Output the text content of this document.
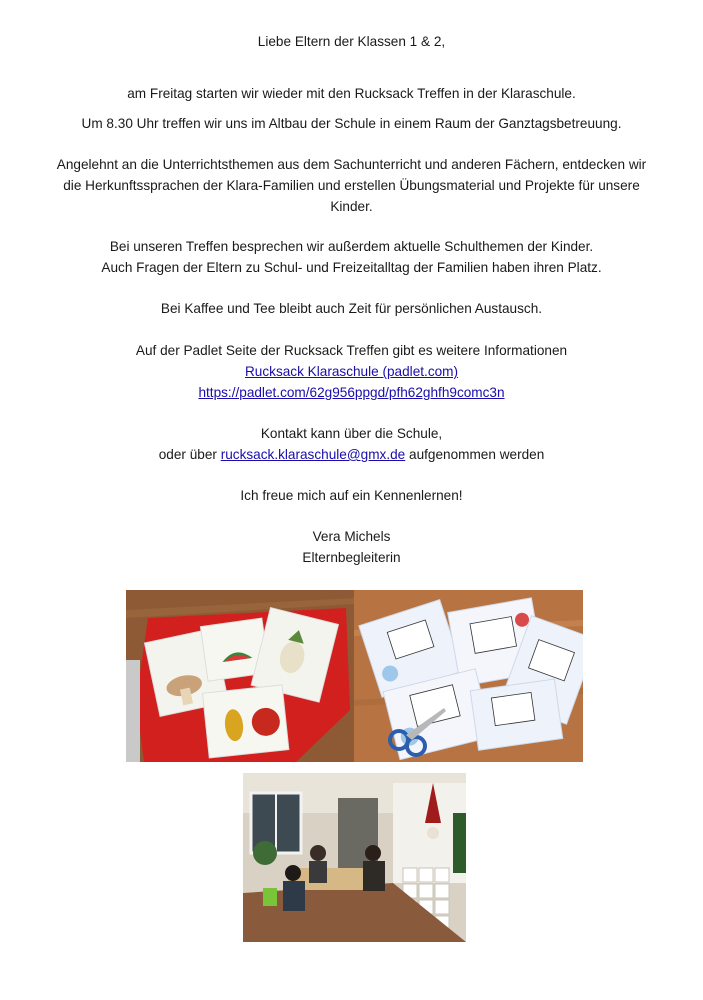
Liebe Eltern der Klassen 1 & 2,
am Freitag starten wir wieder mit den Rucksack Treffen in der Klaraschule.
Um 8.30 Uhr treffen wir uns im Altbau der Schule in einem Raum der Ganztagsbetreuung.
Angelehnt an die Unterrichtsthemen aus dem Sachunterricht und anderen Fächern, entdecken wir
die Herkunftssprachen der Klara-Familien und erstellen Übungsmaterial und Projekte für unsere
Kinder.
Bei unseren Treffen besprechen wir außerdem aktuelle Schulthemen der Kinder.
Auch Fragen der Eltern zu Schul- und Freizeitalltag der Familien haben ihren Platz.
Bei Kaffee und Tee bleibt auch Zeit für persönlichen Austausch.
Auf der Padlet Seite der Rucksack Treffen gibt es weitere Informationen
Rucksack Klaraschule (padlet.com)
https://padlet.com/62g956ppgd/pfh62ghfh9comc3n
Kontakt kann über die Schule,
oder über rucksack.klaraschule@gmx.de aufgenommen werden
Ich freue mich auf ein Kennenlernen!
Vera Michels
Elternbegleiterin
